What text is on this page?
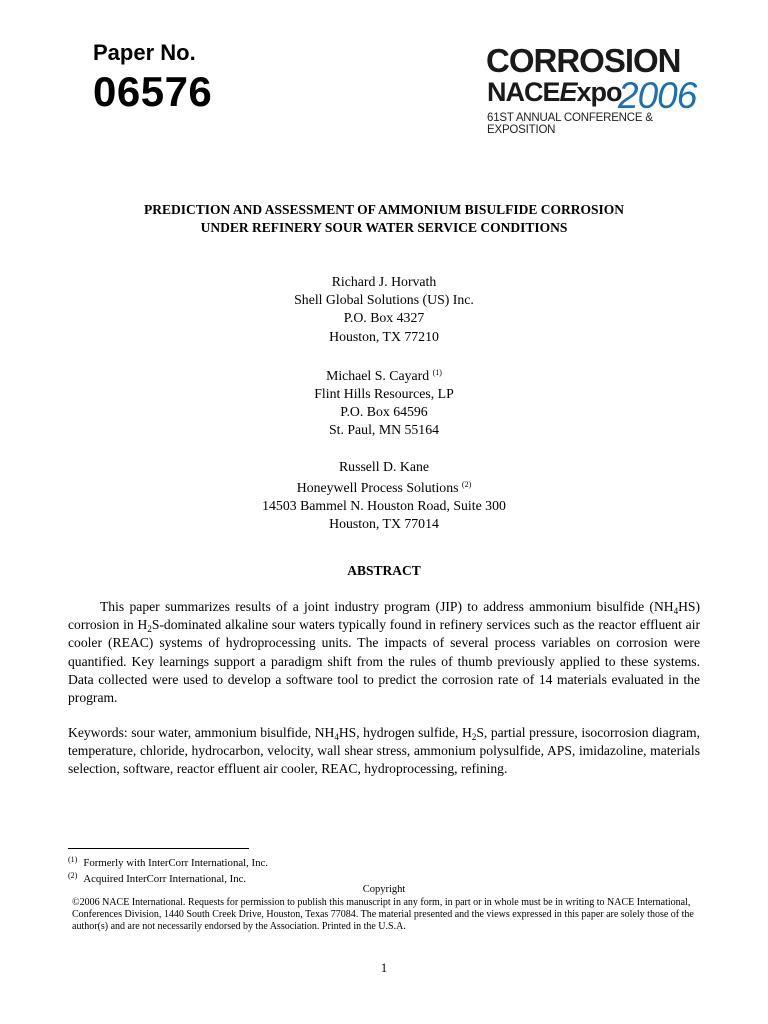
Paper No.
06576
CORROSION
NACEExpo
2006
61ST ANNUAL CONFERENCE & EXPOSITION
PREDICTION AND ASSESSMENT OF AMMONIUM BISULFIDE CORROSION
UNDER REFINERY SOUR WATER SERVICE CONDITIONS
Richard J. Horvath
Shell Global Solutions (US) Inc.
P.O. Box 4327
Houston, TX 77210
Michael S. Cayard $^{(1)}$
Flint Hills Resources, LP
P.O. Box 64596
St. Paul, MN 55164
Russell D. Kane
Honeywell Process Solutions $^{(2)}$
14503 Bammel N. Houston Road, Suite 300
Houston, TX 77014
ABSTRACT
This paper summarizes results of a joint industry program (JIP) to address ammonium bisulfide $(NH_4HS)$ corrosion in $H_2S$-dominated alkaline sour waters typically found in refinery services such as the reactor effluent air cooler (REAC) systems of hydroprocessing units. The impacts of several process variables on corrosion were quantified. Key learnings support a paradigm shift from the rules of thumb previously applied to these systems. Data collected were used to develop a software tool to predict the corrosion rate of 14 materials evaluated in the program.
Keywords: sour water, ammonium bisulfide, $NH_4HS$, hydrogen sulfide, $H_2S$, partial pressure, isocorrosion diagram, temperature, chloride, hydrocarbon, velocity, wall shear stress, ammonium polysulfide, APS, imidazoline, materials selection, software, reactor effluent air cooler, REAC, hydroprocessing, refining.
$^{(1)}$ Formerly with InterCorr International, Inc.
$^{(2)}$ Acquired InterCorr International, Inc.
Copyright
©2006 NACE International. Requests for permission to publish this manuscript in any form, in part or in whole must be in writing to NACE International, Conferences Division, 1440 South Creek Drive, Houston, Texas 77084. The material presented and the views expressed in this paper are solely those of the author(s) and are not necessarily endorsed by the Association. Printed in the U.S.A.
1
